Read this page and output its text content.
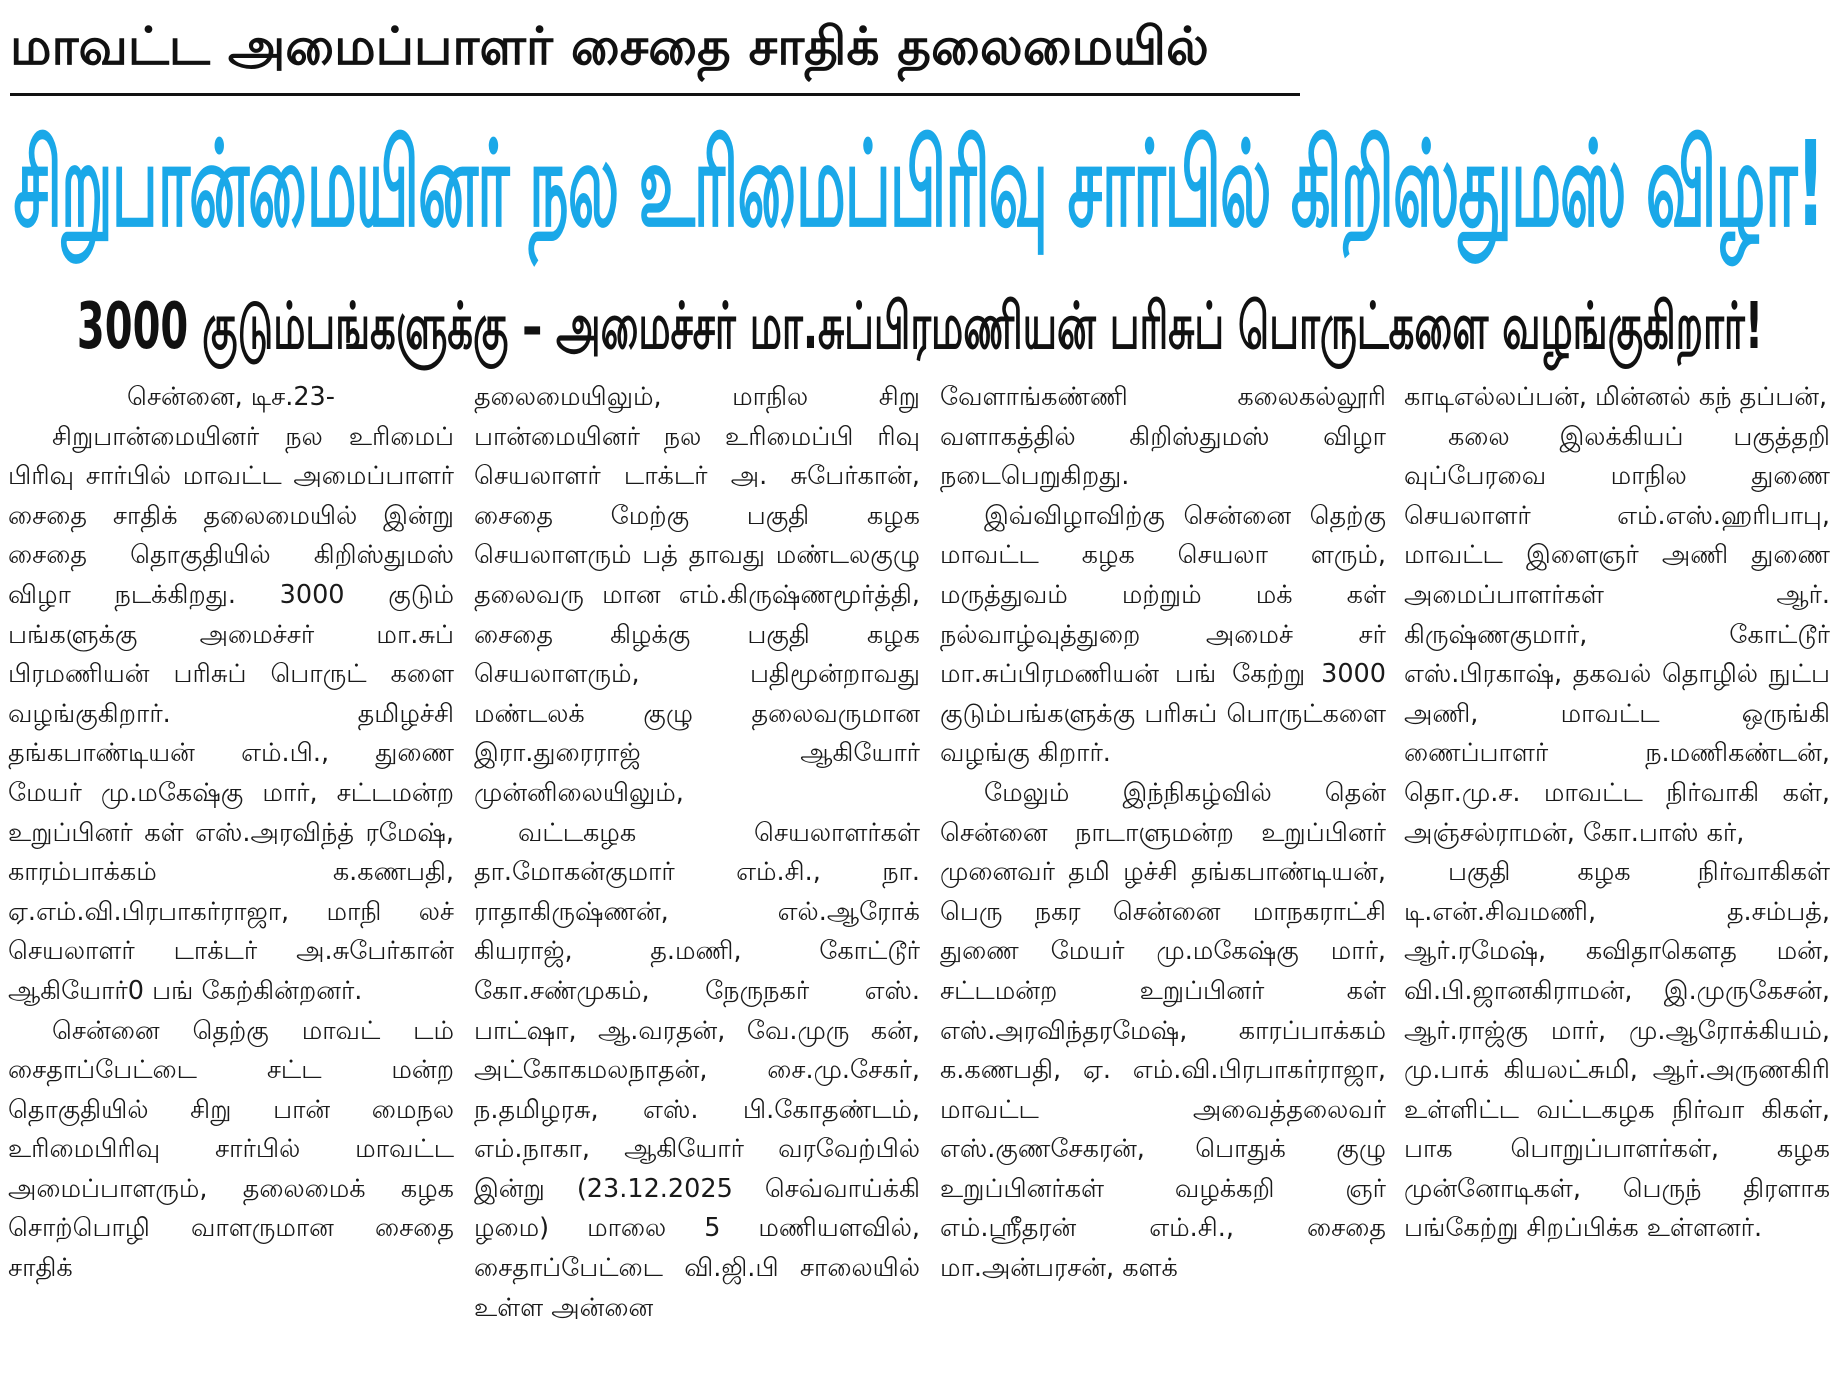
மாவட்ட அமைப்பாளர் சைதை சாதிக் தலைமையில்
சிறுபான்மையினர் நல உரிமைப்பிரிவு சார்பில் கிறிஸ்துமஸ் விழா!
3000 குடும்பங்களுக்கு – அமைச்சர் மா.சுப்பிரமணியன் பரிசுப் பொருட்களை வழங்குகிறார்!
சென்னை, டிச.23-

சிறுபான்மையினர் நல உரிமைப் பிரிவு சார்பில் மாவட்ட அமைப்பாளர் சைதை சாதிக் தலைமையில் இன்று சைதை தொகுதியில் கிறிஸ்துமஸ் விழா நடக்கிறது. 3000 குடும் பங்களுக்கு அமைச்சர் மா.சுப் பிரமணியன் பரிசுப் பொருட் களை வழங்குகிறார். தமிழச்சி தங்கபாண்டியன் எம்.பி., துணை மேயர் மு.மகேஷ்கு மார், சட்டமன்ற உறுப்பினர் கள் எஸ்.அரவிந்த் ரமேஷ், காரம்பாக்கம் க.கணபதி, ஏ.எம்.வி.பிரபாகர்ராஜா, மாநி லச் செயலாளர் டாக்டர் அ.சுபேர்கான் ஆகியோர்0 பங் கேற்கின்றனர்.

சென்னை தெற்கு மாவட் டம் சைதாப்பேட்டை சட்ட மன்ற தொகுதியில் சிறு பான் மைநல உரிமைபிரிவு சார்பில் மாவட்ட அமைப்பாளரும், தலைமைக் கழக சொற்பொழி வாளருமான சைதை சாதிக்

தலைமையிலும், மாநில சிறு பான்மையினர் நல உரிமைப்பி ரிவு செயலாளர் டாக்டர் அ. சுபேர்கான், சைதை மேற்கு பகுதி கழக செயலாளரும் பத் தாவது மண்டலகுழு தலைவரு மான எம்.கிருஷ்ணமூர்த்தி, சைதை கிழக்கு பகுதி கழக செயலாளரும், பதிமூன்றாவது மண்டலக் குழு தலைவருமான இரா.துரைராஜ் ஆகியோர் முன்னிலையிலும்,

வட்டகழக செயலாளர்கள் தா.மோகன்குமார் எம்.சி., நா. ராதாகிருஷ்ணன், எல்.ஆரோக் கியராஜ், த.மணி, கோட்டூர் கோ.சண்முகம், நேருநகர் எஸ். பாட்ஷா, ஆ.வரதன், வே.முரு கன், அட்கோகமலநாதன், சை.மு.சேகர், ந.தமிழரசு, எஸ். பி.கோதண்டம், எம்.நாகா, ஆகியோர் வரவேற்பில் இன்று (23.12.2025 செவ்வாய்க்கி ழமை) மாலை 5 மணியளவில், சைதாப்பேட்டை வி.ஜி.பி சாலையில் உள்ள அன்னை

வேளாங்கண்ணி கலைகல்லூரி வளாகத்தில் கிறிஸ்துமஸ் விழா நடைபெறுகிறது.

இவ்விழாவிற்கு சென்னை தெற்கு மாவட்ட கழக செயலா ளரும், மருத்துவம் மற்றும் மக் கள் நல்வாழ்வுத்துறை அமைச் சர் மா.சுப்பிரமணியன் பங் கேற்று 3000 குடும்பங்களுக்கு பரிசுப் பொருட்களை வழங்கு கிறார்.

மேலும் இந்நிகழ்வில் தென் சென்னை நாடாளுமன்ற உறுப்பினர் முனைவர் தமி ழச்சி தங்கபாண்டியன், பெரு நகர சென்னை மாநகராட்சி துணை மேயர் மு.மகேஷ்கு மார், சட்டமன்ற உறுப்பினர் கள் எஸ்.அரவிந்தரமேஷ், காரப்பாக்கம் க.கணபதி, ஏ. எம்.வி.பிரபாகர்ராஜா, மாவட்ட அவைத்தலைவர் எஸ்.குணசேகரன், பொதுக் குழு உறுப்பினர்கள் வழக்கறி ஞர் எம்.ஸ்ரீதரன் எம்.சி., சைதை மா.அன்பரசன், களக்

காடிஎல்லப்பன், மின்னல் கந் தப்பன்,

கலை இலக்கியப் பகுத்தறி வுப்பேரவை மாநில துணை செயலாளர் எம்.எஸ்.ஹரிபாபு, மாவட்ட இளைஞர் அணி துணை அமைப்பாளர்கள் ஆர். கிருஷ்ணகுமார், கோட்டூர் எஸ்.பிரகாஷ், தகவல் தொழில் நுட்ப அணி, மாவட்ட ஒருங்கி ணைப்பாளர் ந.மணிகண்டன், தொ.மு.ச. மாவட்ட நிர்வாகி கள், அஞ்சல்ராமன், கோ.பாஸ் கர்,

பகுதி கழக நிர்வாகிகள் டி.என்.சிவமணி, த.சம்பத், ஆர்.ரமேஷ், கவிதாகௌத மன், வி.பி.ஜானகிராமன், இ.முருகேசன், ஆர்.ராஜ்கு மார், மு.ஆரோக்கியம், மு.பாக் கியலட்சுமி, ஆர்.அருணகிரி உள்ளிட்ட வட்டகழக நிர்வா கிகள், பாக பொறுப்பாளர்கள், கழக முன்னோடிகள், பெருந் திரளாக பங்கேற்று சிறப்பிக்க உள்ளனர்.
